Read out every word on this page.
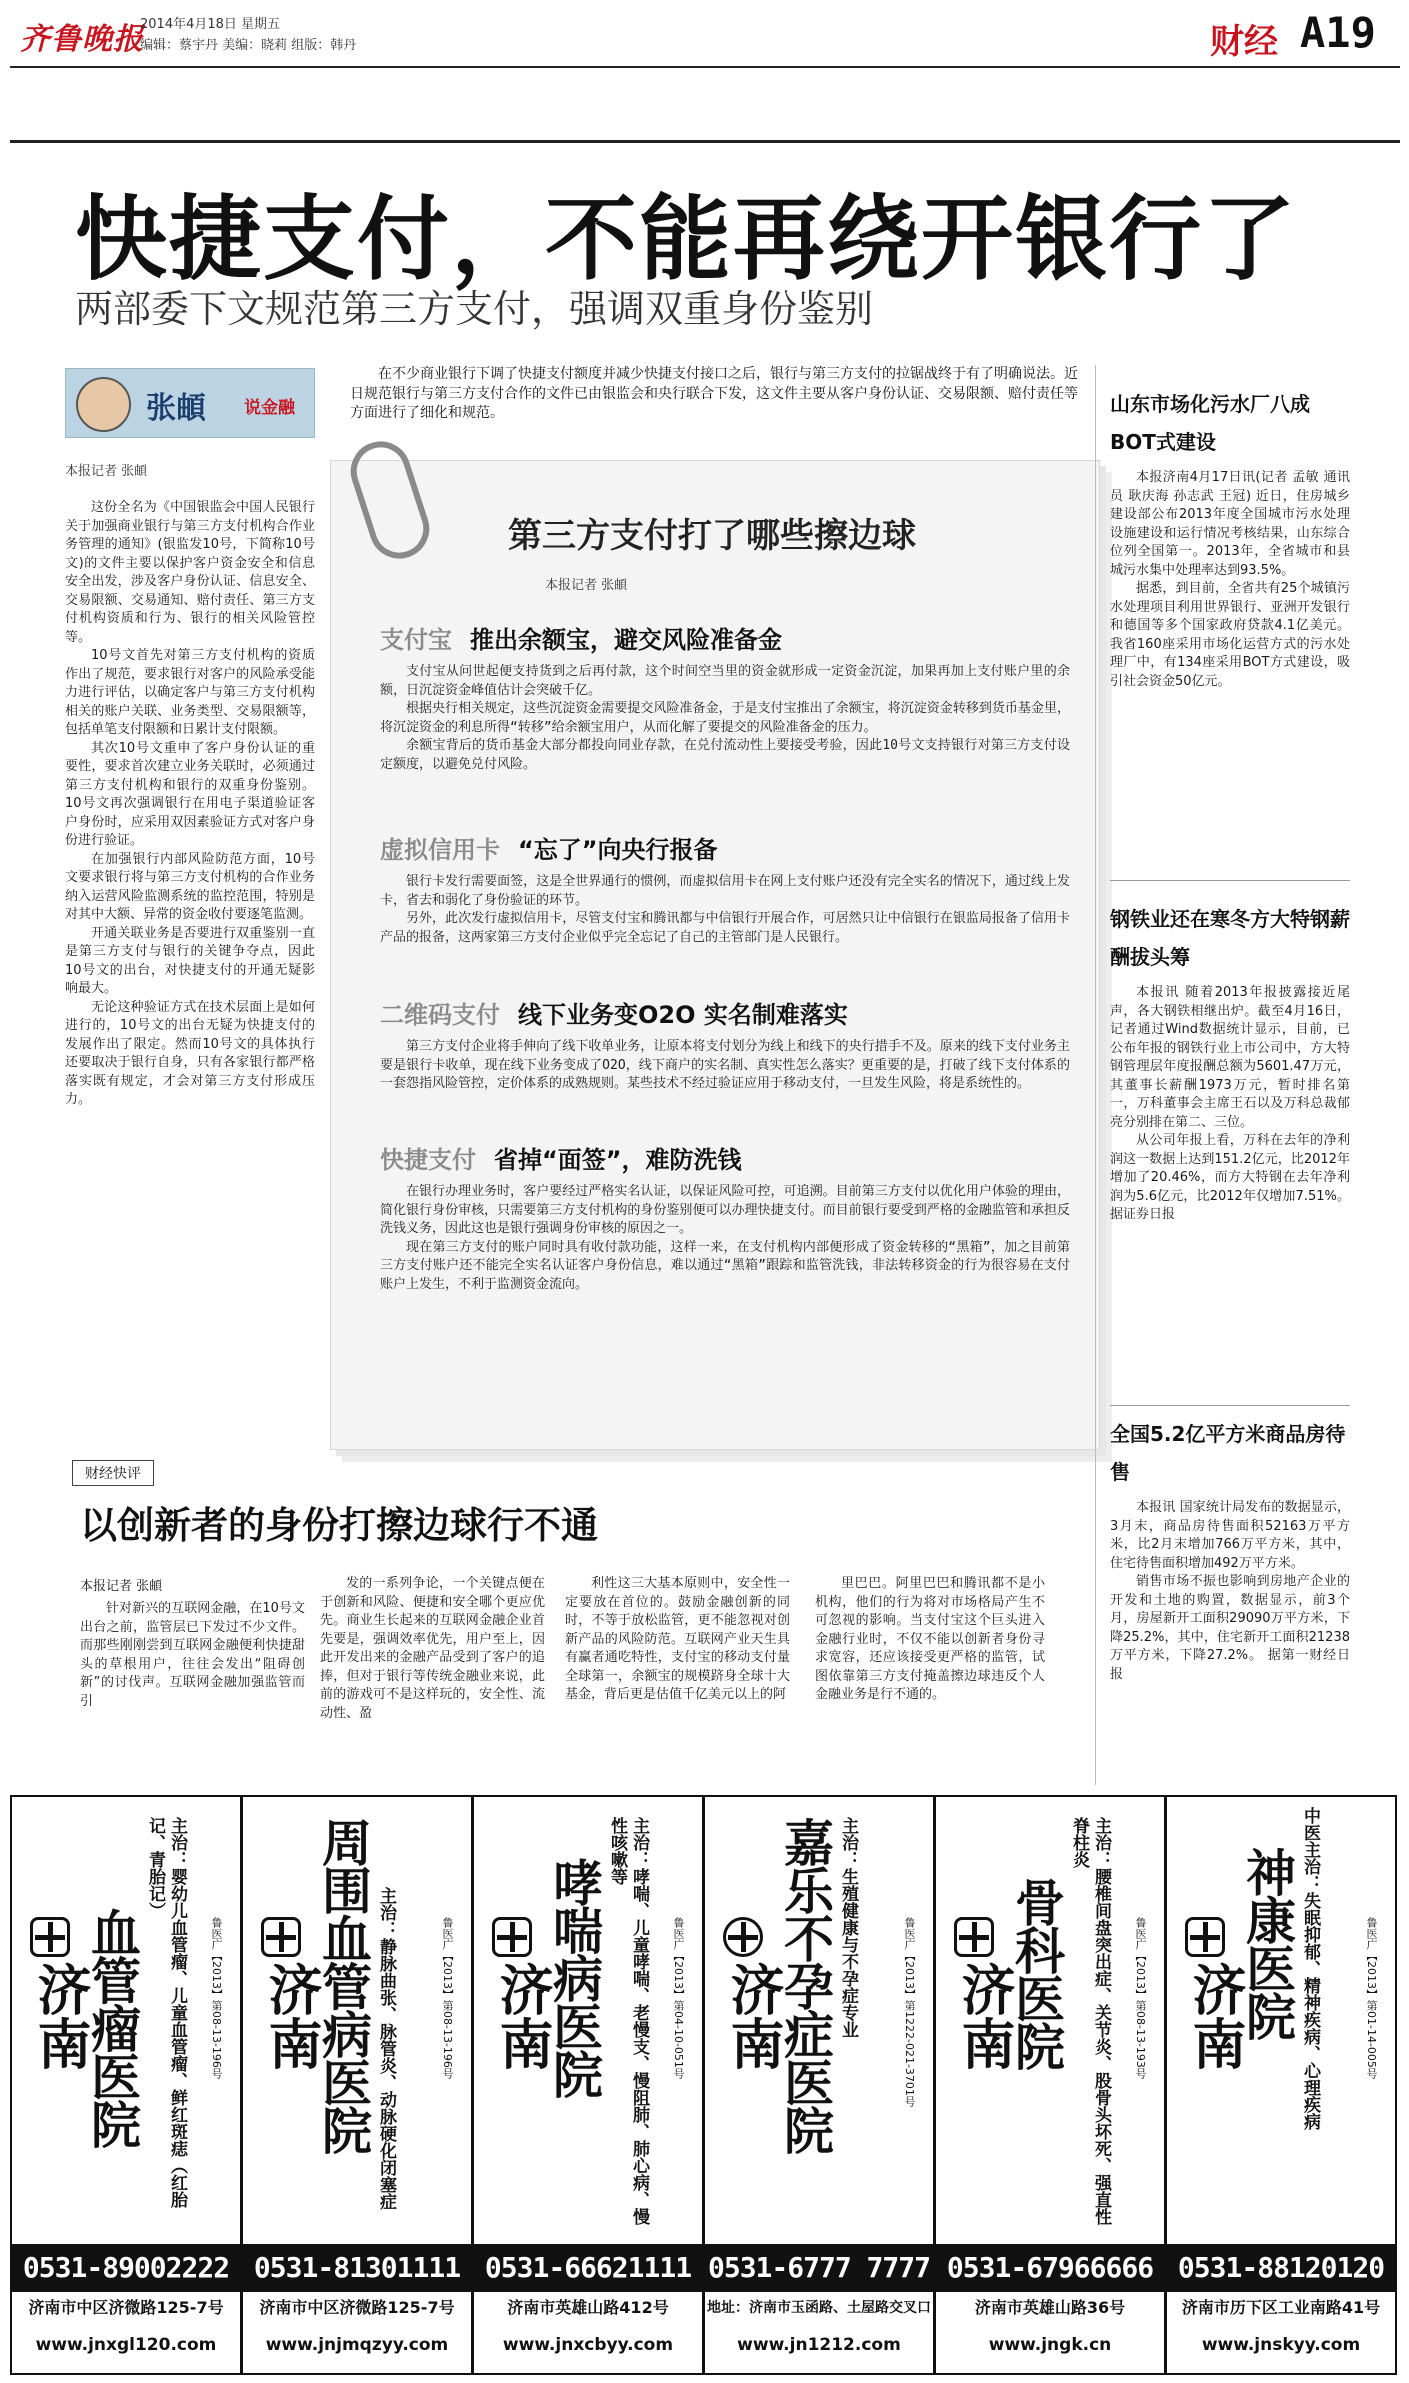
齐鲁晚报
2014年4月18日 星期五
编辑：蔡宇丹 美编：晓莉 组版：韩丹	财经 A19
快捷支付，不能再绕开银行了
两部委下文规范第三方支付，强调双重身份鉴别
张頔 说金融
本报记者 张頔

这份全名为《中国银监会中国人民银行关于加强商业银行与第三方支付机构合作业务管理的通知》(银监发10号，下简称10号文)的文件主要以保护客户资金安全和信息安全出发，涉及客户身份认证、信息安全、交易限额、交易通知、赔付责任、第三方支付机构资质和行为、银行的相关风险管控等。

10号文首先对第三方支付机构的资质作出了规范，要求银行对客户的风险承受能力进行评估，以确定客户与第三方支付机构相关的账户关联、业务类型、交易限额等，包括单笔支付限额和日累计支付限额。

其次10号文重申了客户身份认证的重要性，要求首次建立业务关联时，必须通过第三方支付机构和银行的双重身份鉴别。10号文再次强调银行在用电子渠道验证客户身份时，应采用双因素验证方式对客户身份进行验证。

在加强银行内部风险防范方面，10号文要求银行将与第三方支付机构的合作业务纳入运营风险监测系统的监控范围，特别是对其中大额、异常的资金收付要逐笔监测。

开通关联业务是否要进行双重鉴别一直是第三方支付与银行的关键争夺点，因此10号文的出台，对快捷支付的开通无疑影响最大。

无论这种验证方式在技术层面上是如何进行的，10号文的出台无疑为快捷支付的发展作出了限定。然而10号文的具体执行还要取决于银行自身，只有各家银行都严格落实既有规定，才会对第三方支付形成压力。

在不少商业银行下调了快捷支付额度并减少快捷支付接口之后，银行与第三方支付的拉锯战终于有了明确说法。近日规范银行与第三方支付合作的文件已由银监会和央行联合下发，这文件主要从客户身份认证、交易限额、赔付责任等方面进行了细化和规范。
第三方支付打了哪些擦边球
本报记者 张頔
支付宝 推出余额宝，避交风险准备金

支付宝从问世起便支持货到之后再付款，这个时间空当里的资金就形成一定资金沉淀，加果再加上支付账户里的余额，日沉淀资金峰值估计会突破千亿。

根据央行相关规定，这些沉淀资金需要提交风险准备金，于是支付宝推出了余额宝，将沉淀资金转移到货币基金里，将沉淀资金的利息所得“转移”给余额宝用户，从而化解了要提交的风险准备金的压力。

余额宝背后的货币基金大部分都投向同业存款，在兑付流动性上要接受考验，因此10号文支持银行对第三方支付设定额度，以避免兑付风险。

虚拟信用卡 “忘了”向央行报备

银行卡发行需要面签，这是全世界通行的惯例，而虚拟信用卡在网上支付账户还没有完全实名的情况下，通过线上发卡，省去和弱化了身份验证的环节。

另外，此次发行虚拟信用卡，尽管支付宝和腾讯都与中信银行开展合作，可居然只让中信银行在银监局报备了信用卡产品的报备，这两家第三方支付企业似乎完全忘记了自己的主管部门是人民银行。

二维码支付 线下业务变O2O 实名制难落实

第三方支付企业将手伸向了线下收单业务，让原本将支付划分为线上和线下的央行措手不及。原来的线下支付业务主要是银行卡收单，现在线下业务变成了O2O，线下商户的实名制、真实性怎么落实？更重要的是，打破了线下支付体系的一套怨指风险管控，定价体系的成熟规则。某些技术不经过验证应用于移动支付，一旦发生风险，将是系统性的。

快捷支付 省掉“面签”，难防洗钱

在银行办理业务时，客户要经过严格实名认证，以保证风险可控，可追溯。目前第三方支付以优化用户体验的理由，简化银行身份审核，只需要第三方支付机构的身份鉴别便可以办理快捷支付。而目前银行要受到严格的金融监管和承担反洗钱义务，因此这也是银行强调身份审核的原因之一。

现在第三方支付的账户同时具有收付款功能，这样一来，在支付机构内部便形成了资金转移的“黑箱”，加之目前第三方支付账户还不能完全实名认证客户身份信息，难以通过“黑箱”跟踪和监管洗钱，非法转移资金的行为很容易在支付账户上发生，不利于监测资金流向。

山东市场化污水厂八成BOT式建设

本报济南4月17日讯(记者 孟敏 通讯员 耿庆海 孙志武 王冠) 近日，住房城乡建设部公布2013年度全国城市污水处理设施建设和运行情况考核结果，山东综合位列全国第一。2013年，全省城市和县城污水集中处理率达到93.5%。

据悉，到目前，全省共有25个城镇污水处理项目利用世界银行、亚洲开发银行和德国等多个国家政府贷款4.1亿美元。我省160座采用市场化运营方式的污水处理厂中，有134座采用BOT方式建设，吸引社会资金50亿元。

钢铁业还在寒冬方大特钢薪酬拔头筹

本报讯 随着2013年报披露接近尾声，各大钢铁相继出炉。截至4月16日，记者通过Wind数据统计显示，目前，已公布年报的钢铁行业上市公司中，方大特钢管理层年度报酬总额为5601.47万元，其董事长薪酬1973万元，暂时排名第一，万科董事会主席王石以及万科总裁郁亮分别排在第二、三位。

从公司年报上看，万科在去年的净利润这一数据上达到151.2亿元，比2012年增加了20.46%，而方大特钢在去年净利润为5.6亿元，比2012年仅增加7.51%。 据证券日报

全国5.2亿平方米商品房待售

本报讯 国家统计局发布的数据显示，3月末，商品房待售面积52163万平方米，比2月末增加766万平方米，其中，住宅待售面积增加492万平方米。

销售市场不振也影响到房地产企业的开发和土地的购置，数据显示，前3个月，房屋新开工面积29090万平方米，下降25.2%，其中，住宅新开工面积21238万平方米，下降27.2%。 据第一财经日报

财经快评
以创新者的身份打擦边球行不通
本报记者 张頔

针对新兴的互联网金融，在10号文出台之前，监管层已下发过不少文件。而那些刚刚尝到互联网金融便利快捷甜头的草根用户，往往会发出“阻碍创新”的讨伐声。互联网金融加强监管而引

发的一系列争论，一个关键点便在于创新和风险、便捷和安全哪个更应优先。商业生长起来的互联网金融企业首先要是，强调效率优先，用户至上，因此开发出来的金融产品受到了客户的追捧，但对于银行等传统金融业来说，此前的游戏可不是这样玩的，安全性、流动性、盈

利性这三大基本原则中，安全性一定要放在首位的。鼓励金融创新的同时，不等于放松监管，更不能忽视对创新产品的风险防范。互联网产业天生具有赢者通吃特性，支付宝的移动支付量全球第一，余额宝的规模跻身全球十大基金，背后更是估值千亿美元以上的阿

里巴巴。阿里巴巴和腾讯都不是小机构，他们的行为将对市场格局产生不可忽视的影响。当支付宝这个巨头进入金融行业时，不仅不能以创新者身份寻求宽容，还应该接受更严格的监管，试图依靠第三方支付掩盖擦边球违反个人金融业务是行不通的。

济南
血管瘤医院	主治：婴幼儿血管瘤、儿童血管瘤、鲜红斑痣（红胎记、青胎记）
鲁医广【2013】第08-13-196号
0531-89002222
济南市中区济微路125-7号
www.jnxgl120.com
济南
周围血管病医院 主治：静脉曲张、脉管炎、动脉硬化闭塞症	鲁医广【2013】第08-13-196号
0531-81301111
济南市中区济微路125-7号
www.jnjmqzyy.com
济南
哮喘病医院	主治：哮喘、儿童哮喘、老慢支、慢阻肺、肺心病、慢性咳嗽等
鲁医广【2013】第04-10-051号
0531-66621111
济南市英雄山路412号
www.jnxcbyy.com
济南
嘉乐不孕症医院 主治：生殖健康与不孕症专业	鲁医广【2013】第1222-021-3701号
0531-6777 7777
地址：济南市玉函路、土屋路交叉口
www.jn1212.com
济南
骨科医院	主治：腰椎间盘突出症、关节炎、股骨头坏死、强直性脊柱炎
鲁医广【2013】第08-13-193号
0531-67966666
济南市英雄山路36号
www.jngk.cn
济南
神康医院 中医主治：失眠抑郁、精神疾病、心理疾病	鲁医广【2013】第01-14-005号
0531-88120120
济南市历下区工业南路41号
www.jnskyy.com
